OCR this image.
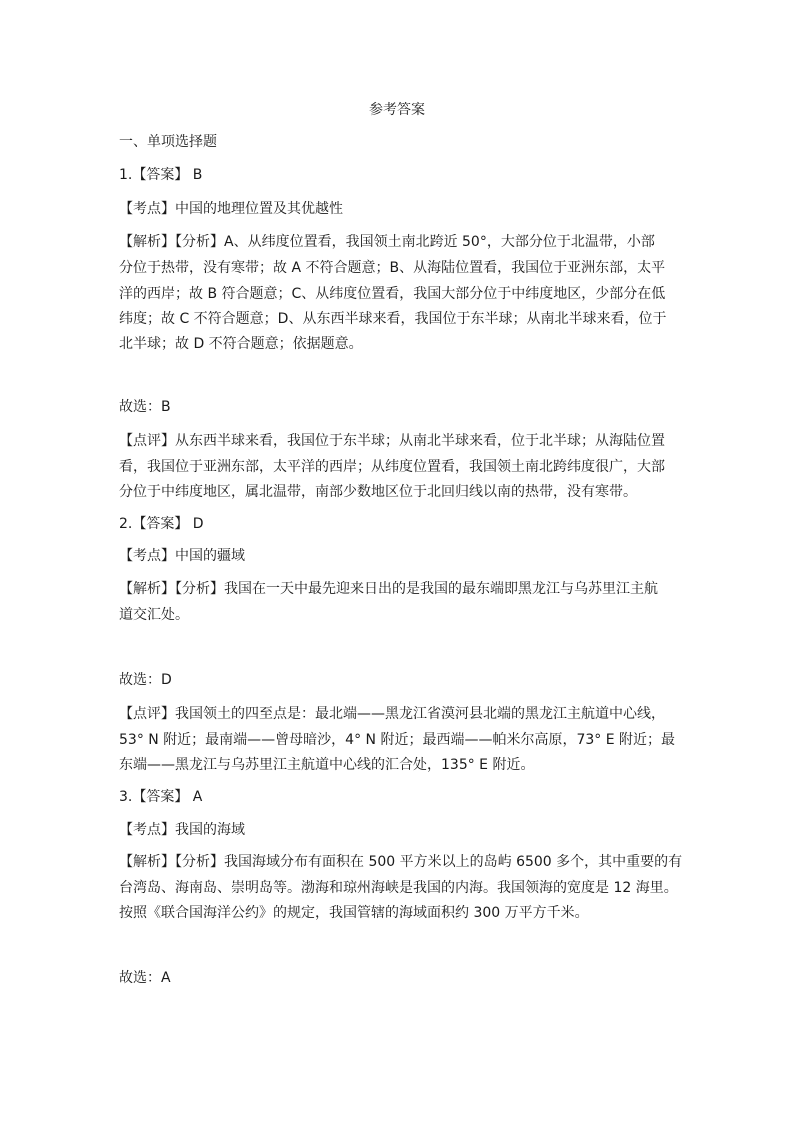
参考答案
一、单项选择题
1.【答案】 B
【考点】中国的地理位置及其优越性
【解析】【分析】A、从纬度位置看，我国领土南北跨近 50°，大部分位于北温带，小部
分位于热带，没有寒带；故 A 不符合题意；B、从海陆位置看，我国位于亚洲东部，太平
洋的西岸；故 B 符合题意；C、从纬度位置看，我国大部分位于中纬度地区，少部分在低
纬度；故 C 不符合题意；D、从东西半球来看，我国位于东半球；从南北半球来看，位于
北半球；故 D 不符合题意；依据题意。
故选：B
【点评】从东西半球来看，我国位于东半球；从南北半球来看，位于北半球；从海陆位置
看，我国位于亚洲东部，太平洋的西岸；从纬度位置看，我国领土南北跨纬度很广，大部
分位于中纬度地区，属北温带，南部少数地区位于北回归线以南的热带，没有寒带。
2.【答案】 D
【考点】中国的疆域
【解析】【分析】我国在一天中最先迎来日出的是我国的最东端即黑龙江与乌苏里江主航
道交汇处。
故选：D
【点评】我国领土的四至点是：最北端——黑龙江省漠河县北端的黑龙江主航道中心线，
53° N 附近；最南端——曾母暗沙，4° N 附近；最西端——帕米尔高原，73° E 附近；最
东端——黑龙江与乌苏里江主航道中心线的汇合处，135° E 附近。
3.【答案】 A
【考点】我国的海域
【解析】【分析】我国海域分布有面积在 500 平方米以上的岛屿 6500 多个，其中重要的有
台湾岛、海南岛、崇明岛等。渤海和琼州海峡是我国的内海。我国领海的宽度是 12 海里。
按照《联合国海洋公约》的规定，我国管辖的海域面积约 300 万平方千米。
故选：A
